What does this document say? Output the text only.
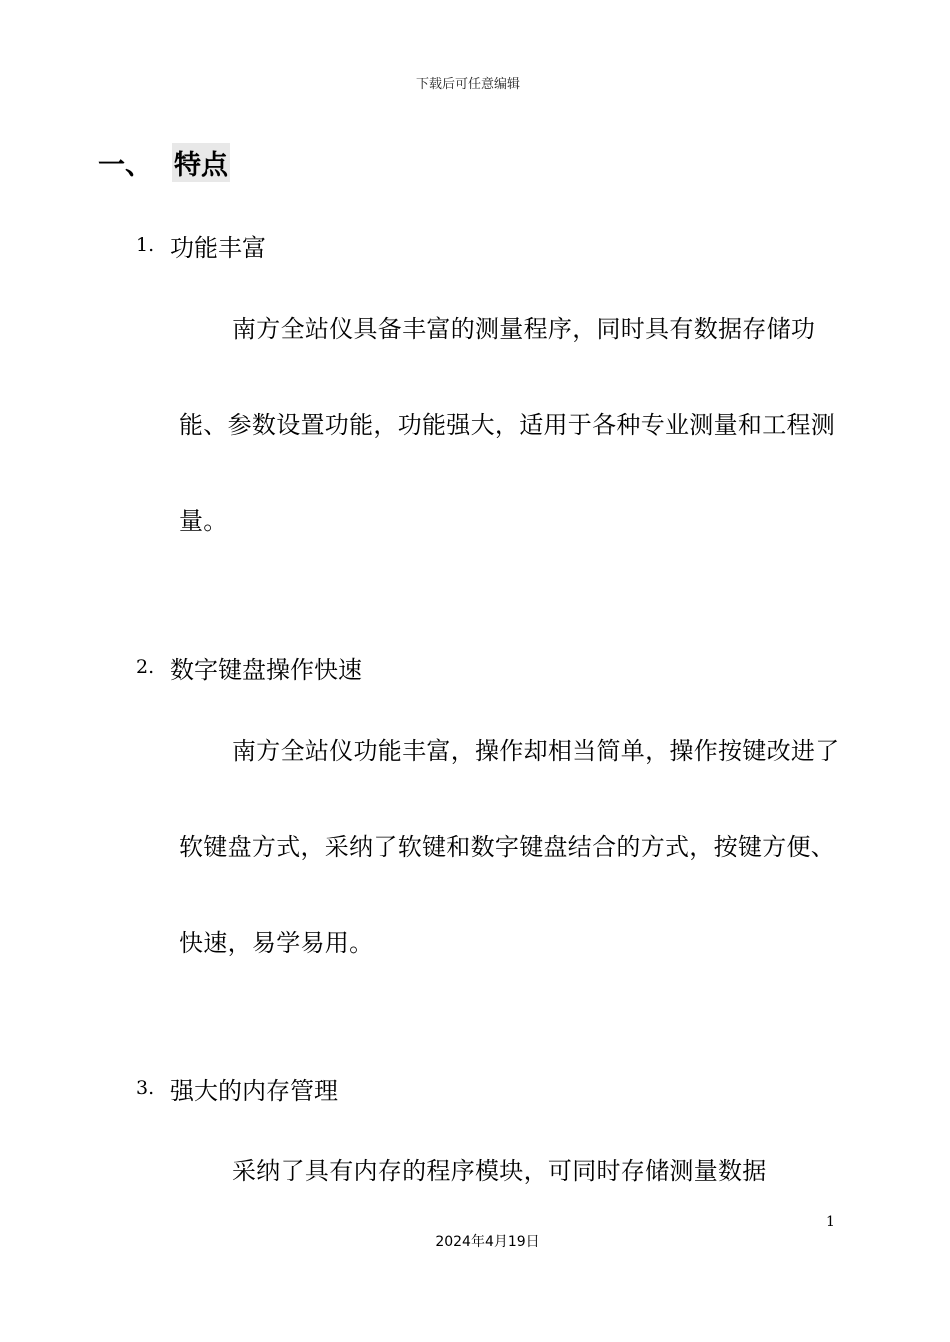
下载后可任意编辑
一、 特点
1. 功能丰富

南方全站仪具备丰富的测量程序，同时具有数据存储功能、参数设置功能，功能强大，适用于各种专业测量和工程测量。

2. 数字键盘操作快速

南方全站仪功能丰富，操作却相当简单，操作按键改进了软键盘方式，采纳了软键和数字键盘结合的方式，按键方便、快速，易学易用。

3. 强大的内存管理

采纳了具有内存的程序模块，可同时存储测量数据

1
2024年4月19日
